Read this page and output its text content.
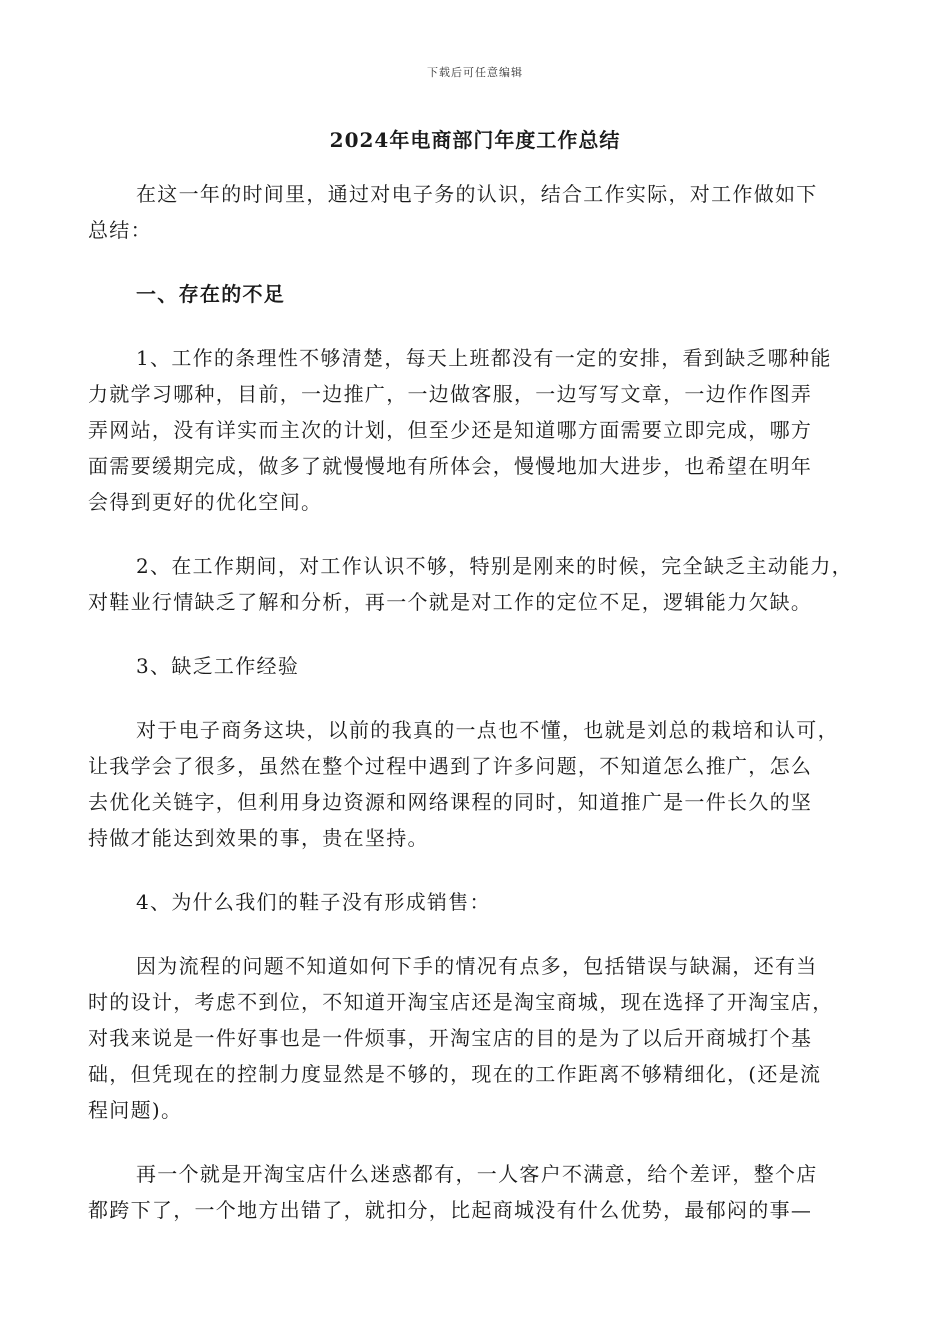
下载后可任意编辑
2024年电商部门年度工作总结
在这一年的时间里，通过对电子务的认识，结合工作实际，对工作做如下
总结：
一、存在的不足
1、工作的条理性不够清楚，每天上班都没有一定的安排，看到缺乏哪种能
力就学习哪种，目前，一边推广，一边做客服，一边写写文章，一边作作图弄
弄网站，没有详实而主次的计划，但至少还是知道哪方面需要立即完成，哪方
面需要缓期完成，做多了就慢慢地有所体会，慢慢地加大进步，也希望在明年
会得到更好的优化空间。
2、在工作期间，对工作认识不够，特别是刚来的时候，完全缺乏主动能力，
对鞋业行情缺乏了解和分析，再一个就是对工作的定位不足，逻辑能力欠缺。
3、缺乏工作经验
对于电子商务这块，以前的我真的一点也不懂，也就是刘总的栽培和认可，
让我学会了很多，虽然在整个过程中遇到了许多问题，不知道怎么推广，怎么
去优化关链字，但利用身边资源和网络课程的同时，知道推广是一件长久的坚
持做才能达到效果的事，贵在坚持。
4、为什么我们的鞋子没有形成销售：
因为流程的问题不知道如何下手的情况有点多，包括错误与缺漏，还有当
时的设计，考虑不到位，不知道开淘宝店还是淘宝商城，现在选择了开淘宝店，
对我来说是一件好事也是一件烦事，开淘宝店的目的是为了以后开商城打个基
础，但凭现在的控制力度显然是不够的，现在的工作距离不够精细化，(还是流
程问题)。
再一个就是开淘宝店什么迷惑都有，一人客户不满意，给个差评，整个店
都跨下了，一个地方出错了，就扣分，比起商城没有什么优势，最郁闷的事—
